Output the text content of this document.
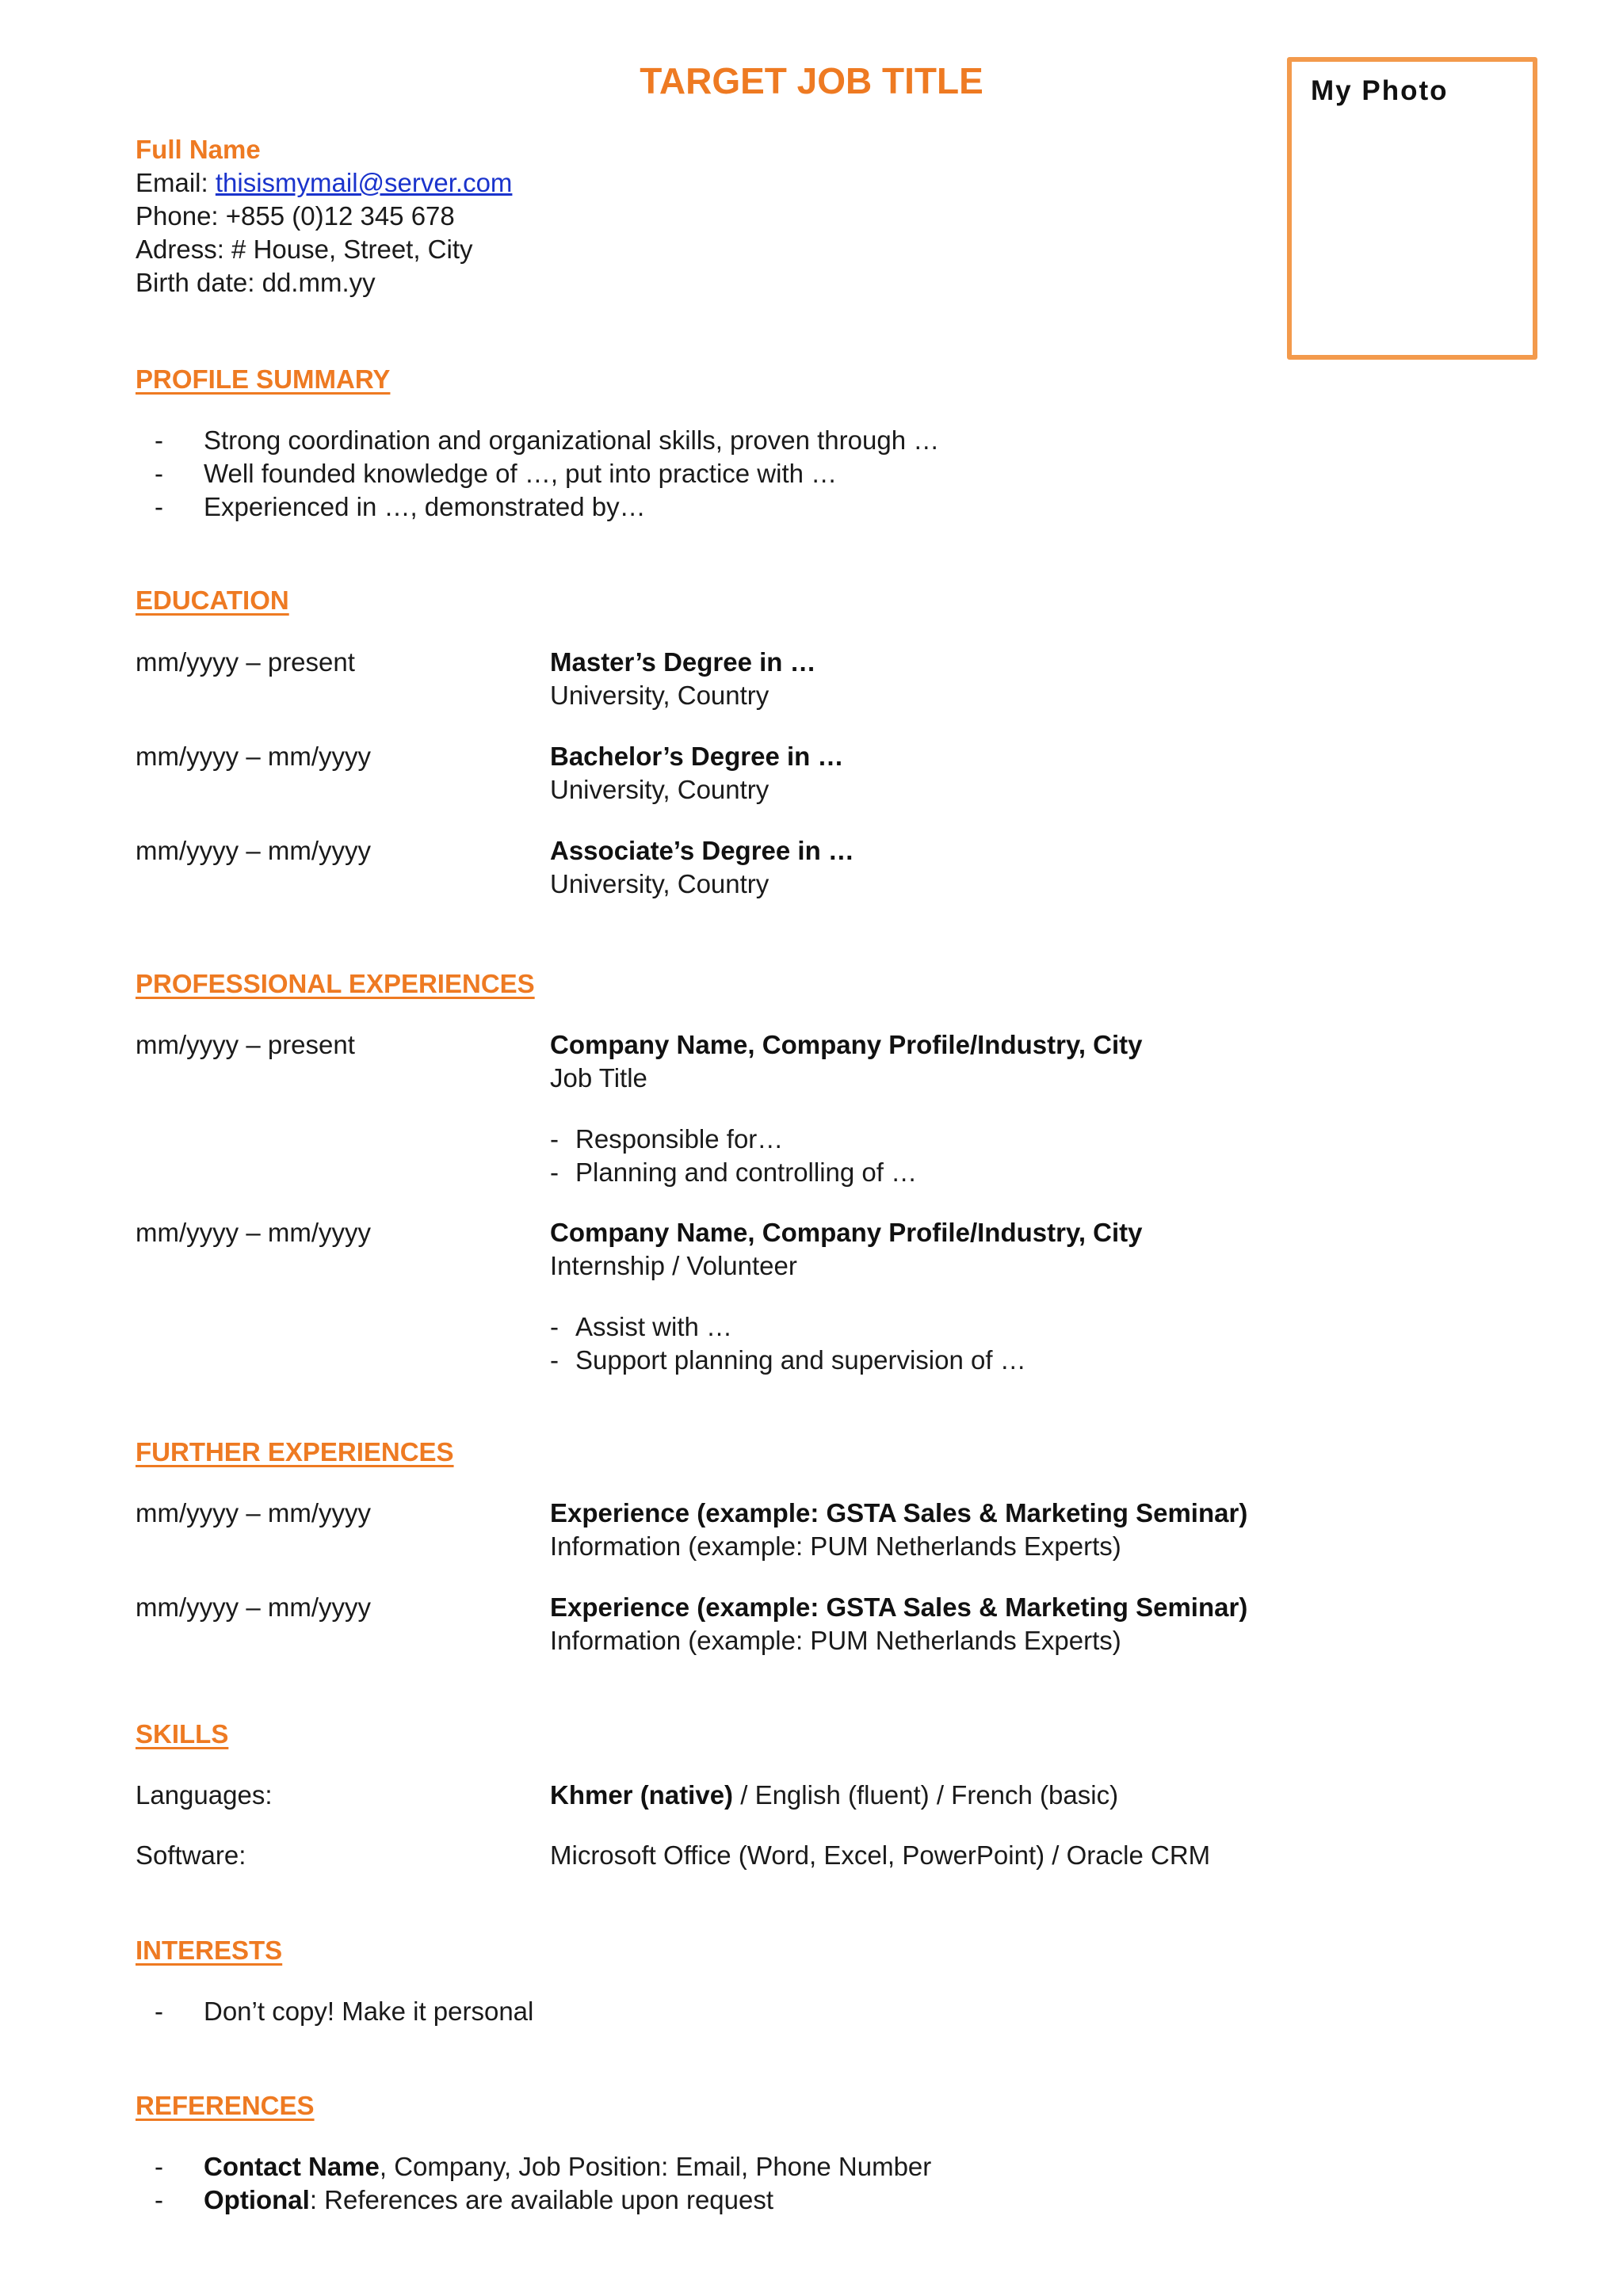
TARGET JOB TITLE	My Photo
Full Name
Email: thisismymail@server.com
Phone: +855 (0)12 345 678
Adress: # House, Street, City
Birth date: dd.mm.yy
PROFILE SUMMARY
-	Strong coordination and organizational skills, proven through …
-	Well founded knowledge of …, put into practice with …
-	Experienced in …, demonstrated by…
EDUCATION
mm/yyyy – present	Master’s Degree in …
University, Country
mm/yyyy – mm/yyyy	Bachelor’s Degree in …
University, Country
mm/yyyy – mm/yyyy	Associate’s Degree in …
University, Country
PROFESSIONAL EXPERIENCES
mm/yyyy – present	Company Name, Company Profile/Industry, City
Job Title
- Responsible for…
- Planning and controlling of …
mm/yyyy – mm/yyyy	Company Name, Company Profile/Industry, City
Internship / Volunteer
- Assist with …
- Support planning and supervision of …
FURTHER EXPERIENCES
mm/yyyy – mm/yyyy	Experience (example: GSTA Sales & Marketing Seminar)
Information (example: PUM Netherlands Experts)
mm/yyyy – mm/yyyy	Experience (example: GSTA Sales & Marketing Seminar)
Information (example: PUM Netherlands Experts)
SKILLS
Languages:	Khmer (native) / English (fluent) / French (basic)
Software:	Microsoft Office (Word, Excel, PowerPoint) / Oracle CRM
INTERESTS
-	Don’t copy! Make it personal
REFERENCES
-	Contact Name, Company, Job Position: Email, Phone Number
-	Optional: References are available upon request
